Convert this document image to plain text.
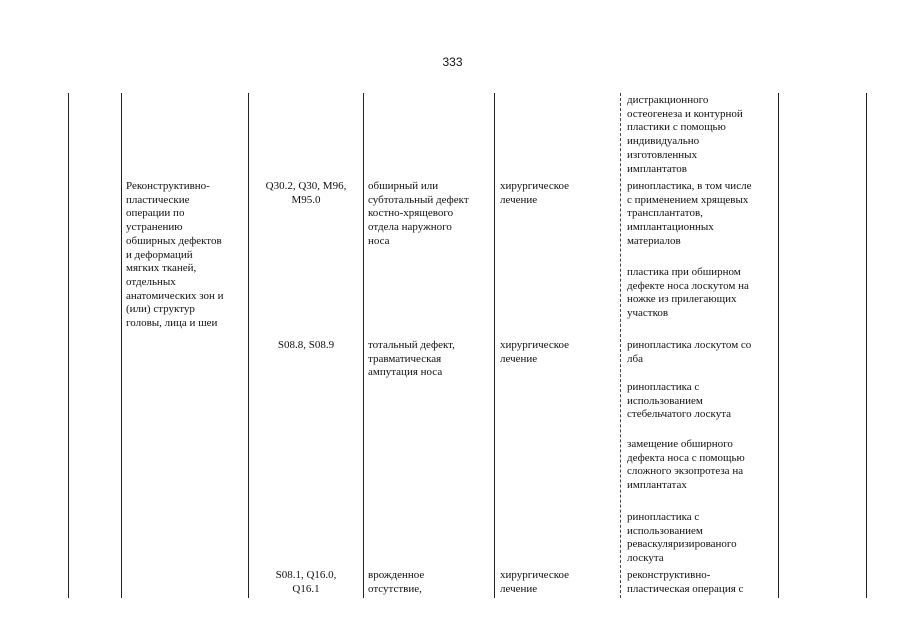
333
дистракционного
остеогенеза и контурной
пластики с помощью
индивидуально
изготовленных
имплантатов
Реконструктивно-
пластические
операции по
устранению
обширных дефектов
и деформаций
мягких тканей,
отдельных
анатомических зон и
(или) структур
головы, лица и шеи
Q30.2, Q30, M96,
M95.0
обширный или
субтотальный дефект
костно-хрящевого
отдела наружного
носа
хирургическое
лечение
ринопластика, в том числе
с применением хрящевых
трансплантатов,
имплантационных
материалов
пластика при обширном
дефекте носа лоскутом на
ножке из прилегающих
участков
S08.8, S08.9	тотальный дефект,
травматическая
ампутация носа
хирургическое
лечение
ринопластика лоскутом со
лба
ринопластика с
использованием
стебельчатого лоскута
замещение обширного
дефекта носа с помощью
сложного экзопротеза на
имплантатах
ринопластика с
использованием
реваскуляризированого
лоскута
S08.1, Q16.0,
Q16.1
врожденное
отсутствие,
хирургическое
лечение
реконструктивно-
пластическая операция с
